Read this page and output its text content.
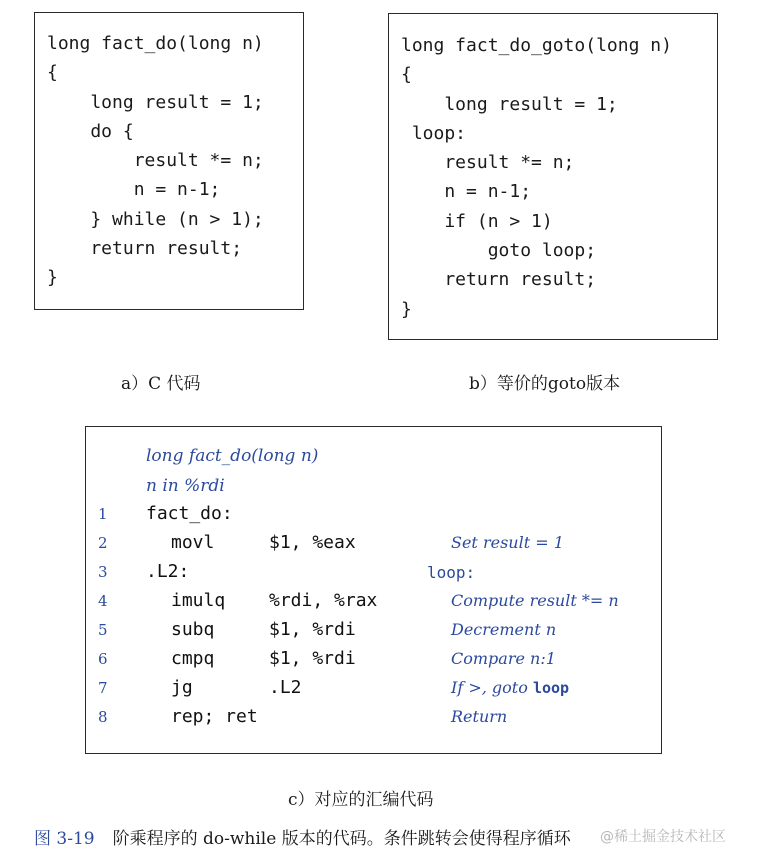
long fact_do(long n)
{
long result = 1;
do {
result *= n;
n = n-1;
} while (n > 1);
return result;
}
a）C 代码
long fact_do_goto(long n)
{
long result = 1;
loop:
result *= n;
n = n-1;
if (n > 1)
goto loop;
return result;
}
b）等价的goto版本
long fact_do(long n)
n in %rdi
1 fact_do:
2	movl	$1, %eax	Set result = 1
3 .L2:	loop:
4	imulq %rdi, %rax	Compute result *= n
5	subq	$1, %rdi	Decrement n
6	cmpq	$1, %rdi	Compare n:1
7	jg	.L2	If >, goto loop
8	rep; ret	Return
c）对应的汇编代码
图 3-19 阶乘程序的 do-while 版本的代码。条件跳转会使得程序循环 @稀土掘金技术社区
